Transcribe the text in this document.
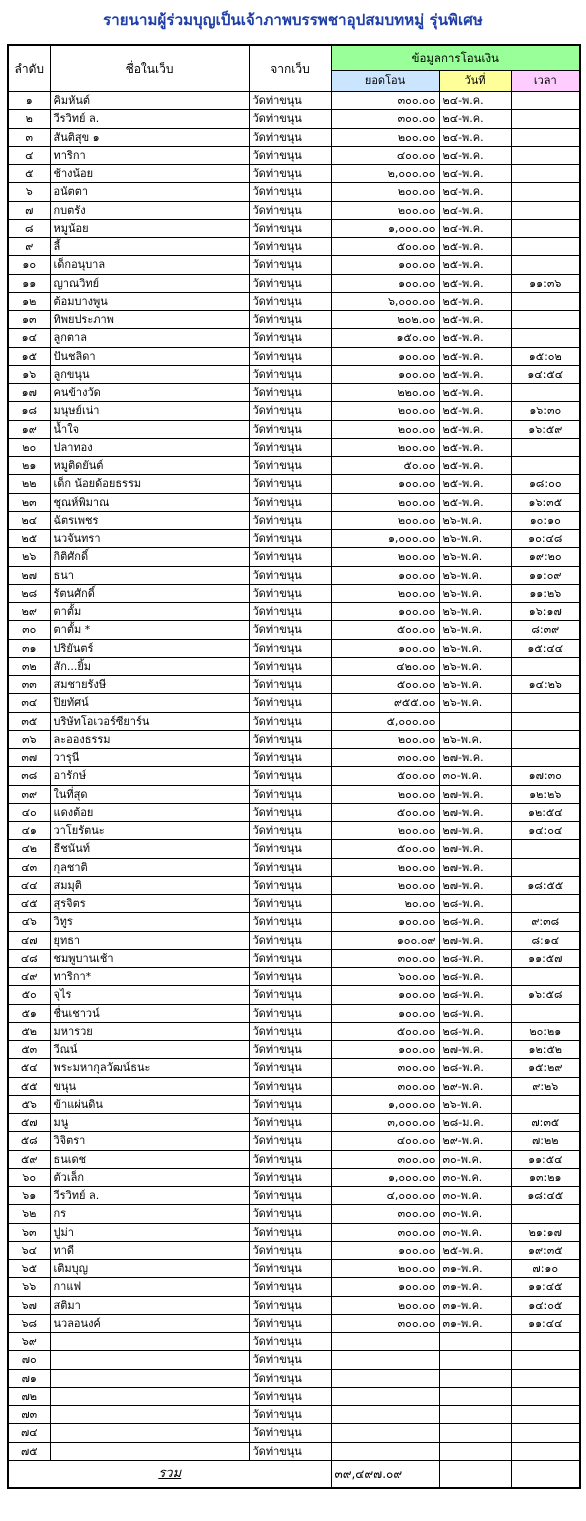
รายนามผู้ร่วมบุญเป็นเจ้าภาพบรรพชาอุปสมบทหมู่ รุ่นพิเศษ
ลำดับ	ชื่อในเว็บ	จากเว็บ	ข้อมูลการโอนเงิน		
			ยอดโอน	วันที่	เวลา
๑	คิมหันต์	วัดท่าขนุน	๓๐๐.๐๐	๒๔-พ.ค.	
๒	วีรวิทย์ ล.	วัดท่าขนุน	๓๐๐.๐๐	๒๔-พ.ค.	
๓	สันติสุข ๑	วัดท่าขนุน	๒๐๐.๐๐	๒๔-พ.ค.	
๔	ทาริกา	วัดท่าขนุน	๔๐๐.๐๐	๒๔-พ.ค.	
๕	ช้างน้อย	วัดท่าขนุน	๒,๐๐๐.๐๐	๒๔-พ.ค.	
๖	อนัตตา	วัดท่าขนุน	๒๐๐.๐๐	๒๔-พ.ค.	
๗	กบตรัง	วัดท่าขนุน	๒๐๐.๐๐	๒๔-พ.ค.	
๘	หมูน้อย	วัดท่าขนุน	๑,๐๐๐.๐๐	๒๔-พ.ค.	
๙	ลี้	วัดท่าขนุน	๕๐๐.๐๐	๒๕-พ.ค.	
๑๐	เด็กอนุบาล	วัดท่าขนุน	๑๐๐.๐๐	๒๕-พ.ค.	
๑๑	ญาณวิทย์	วัดท่าขนุน	๑๐๐.๐๐	๒๕-พ.ค.	๑๑:๓๖
๑๒	ต้อมบางพูน	วัดท่าขนุน	๖,๐๐๐.๐๐	๒๕-พ.ค.	
๑๓	ทิพยประภาพ	วัดท่าขนุน	๒๐๒.๐๐	๒๕-พ.ค.	
๑๔	ลูกตาล	วัดท่าขนุน	๑๕๐.๐๐	๒๕-พ.ค.	
๑๕	ปันชลิดา	วัดท่าขนุน	๑๐๐.๐๐	๒๕-พ.ค.	๑๕:๐๒
๑๖	ลูกขนุน	วัดท่าขนุน	๑๐๐.๐๐	๒๕-พ.ค.	๑๔:๕๔
๑๗	คนข้างวัด	วัดท่าขนุน	๒๒๐.๐๐	๒๕-พ.ค.	
๑๘	มนุษย์เน่า	วัดท่าขนุน	๒๐๐.๐๐	๒๕-พ.ค.	๑๖:๓๐
๑๙	น้ำใจ	วัดท่าขนุน	๒๐๐.๐๐	๒๕-พ.ค.	๑๖:๕๙
๒๐	ปลาทอง	วัดท่าขนุน	๒๐๐.๐๐	๒๕-พ.ค.	
๒๑	หมูติดยันต์	วัดท่าขนุน	๕๐.๐๐	๒๕-พ.ค.	
๒๒	เด็ก น้อยด้อยธรรม	วัดท่าขนุน	๑๐๐.๐๐	๒๕-พ.ค.	๑๘:๐๐
๒๓	ชุณห์พิมาณ	วัดท่าขนุน	๒๐๐.๐๐	๒๕-พ.ค.	๑๖:๓๕
๒๔	ฉัตรเพชร	วัดท่าขนุน	๒๐๐.๐๐	๒๖-พ.ค.	๑๐:๑๐
๒๕	นวจันทรา	วัดท่าขนุน	๑,๐๐๐.๐๐	๒๖-พ.ค.	๑๐:๔๘
๒๖	กิติศักดิ์	วัดท่าขนุน	๒๐๐.๐๐	๒๖-พ.ค.	๑๙:๒๐
๒๗	ธนา	วัดท่าขนุน	๑๐๐.๐๐	๒๖-พ.ค.	๑๑:๐๙
๒๘	รัตนศักดิ์	วัดท่าขนุน	๒๐๐.๐๐	๒๖-พ.ค.	๑๑:๒๖
๒๙	ตาตั้ม	วัดท่าขนุน	๑๐๐.๐๐	๒๖-พ.ค.	๑๖:๑๗
๓๐	ตาตั้ม *	วัดท่าขนุน	๕๐๐.๐๐	๒๖-พ.ค.	๘:๓๙
๓๑	ปริยันตร์	วัดท่าขนุน	๑๐๐.๐๐	๒๖-พ.ค.	๑๕:๔๔
๓๒	สัก...ยิ้ม	วัดท่าขนุน	๔๒๐.๐๐	๒๖-พ.ค.	
๓๓	สมชายรังษี	วัดท่าขนุน	๕๐๐.๐๐	๒๖-พ.ค.	๑๔:๒๖
๓๔	ปิยทัศน์	วัดท่าขนุน	๙๕๕.๐๐	๒๖-พ.ค.	
๓๕	บริษัทโอเวอร์ซียาร์น	วัดท่าขนุน	๕,๐๐๐.๐๐		
๓๖	ละอองธรรม	วัดท่าขนุน	๒๐๐.๐๐	๒๖-พ.ค.	
๓๗	วารุนี	วัดท่าขนุน	๓๐๐.๐๐	๒๗-พ.ค.	
๓๘	อารักษ์	วัดท่าขนุน	๕๐๐.๐๐	๓๐-พ.ค.	๑๗:๓๐
๓๙	ในที่สุด	วัดท่าขนุน	๒๐๐.๐๐	๒๗-พ.ค.	๑๒:๒๖
๔๐	แดงต้อย	วัดท่าขนุน	๕๐๐.๐๐	๒๗-พ.ค.	๑๒:๕๔
๔๑	วาโยรัตนะ	วัดท่าขนุน	๒๐๐.๐๐	๒๗-พ.ค.	๑๔:๐๔
๔๒	ธีชนันท์	วัดท่าขนุน	๕๐๐.๐๐	๒๗-พ.ค.	
๔๓	กุลชาติ	วัดท่าขนุน	๒๐๐.๐๐	๒๗-พ.ค.	
๔๔	สมมุติ	วัดท่าขนุน	๒๐๐.๐๐	๒๗-พ.ค.	๑๘:๕๕
๔๕	สุรจิตร	วัดท่าขนุน	๒๐.๐๐	๒๘-พ.ค.	
๔๖	วิทูร	วัดท่าขนุน	๑๐๐.๐๐	๒๘-พ.ค.	๙:๓๘
๔๗	ยุทธา	วัดท่าขนุน	๑๐๐.๐๙	๒๗-พ.ค.	๘:๑๔
๔๘	ชมพูบานเช้า	วัดท่าขนุน	๓๐๐.๐๐	๒๘-พ.ค.	๑๑:๕๗
๔๙	ทาริกา*	วัดท่าขนุน	๖๐๐.๐๐	๒๘-พ.ค.	
๕๐	จุไร	วัดท่าขนุน	๑๐๐.๐๐	๒๘-พ.ค.	๑๖:๕๘
๕๑	ชื่นเชาวน์	วัดท่าขนุน	๑๐๐.๐๐	๒๘-พ.ค.	
๕๒	มหารวย	วัดท่าขนุน	๕๐๐.๐๐	๒๘-พ.ค.	๒๐:๒๑
๕๓	วีณน์	วัดท่าขนุน	๑๐๐.๐๐	๒๗-พ.ค.	๑๒:๕๒
๕๔	พระมหากุลวัฒน์ธนะ	วัดท่าขนุน	๓๐๐.๐๐	๒๘-พ.ค.	๑๕:๒๙
๕๕	ขนุน	วัดท่าขนุน	๓๐๐.๐๐	๒๙-พ.ค.	๙:๒๖
๕๖	ข้าแผ่นดิน	วัดท่าขนุน	๑,๐๐๐.๐๐	๒๖-พ.ค.	
๕๗	มนู	วัดท่าขนุน	๓,๐๐๐.๐๐	๒๘-ม.ค.	๗:๓๕
๕๘	วิจิตรา	วัดท่าขนุน	๔๐๐.๐๐	๒๙-พ.ค.	๗:๒๒
๕๙	ธนเดช	วัดท่าขนุน	๓๐๐.๐๐	๓๐-พ.ค.	๑๑:๕๔
๖๐	ตัวเล็ก	วัดท่าขนุน	๑,๐๐๐.๐๐	๓๐-พ.ค.	๑๓:๒๑
๖๑	วีรวิทย์ ล.	วัดท่าขนุน	๔,๐๐๐.๐๐	๓๐-พ.ค.	๑๘:๔๕
๖๒	กร	วัดท่าขนุน	๓๐๐.๐๐	๓๐-พ.ค.	
๖๓	ปูม่า	วัดท่าขนุน	๓๐๐.๐๐	๓๐-พ.ค.	๒๑:๑๗
๖๔	ทาดี	วัดท่าขนุน	๑๐๐.๐๐	๒๕-พ.ค.	๑๙:๓๕
๖๕	เติมบุญ	วัดท่าขนุน	๒๐๐.๐๐	๓๑-พ.ค.	๗:๑๐
๖๖	กาแฟ	วัดท่าขนุน	๑๐๐.๐๐	๓๑-พ.ค.	๑๑:๔๕
๖๗	สติมา	วัดท่าขนุน	๒๐๐.๐๐	๓๑-พ.ค.	๑๔:๐๕
๖๘	นวลอนงค์	วัดท่าขนุน	๓๐๐.๐๐	๓๑-พ.ค.	๑๑:๔๔
๖๙		วัดท่าขนุน			
๗๐		วัดท่าขนุน			
๗๑		วัดท่าขนุน			
๗๒		วัดท่าขนุน			
๗๓		วัดท่าขนุน			
๗๔		วัดท่าขนุน			
๗๕		วัดท่าขนุน			
รวม			๓๙,๔๙๗.๐๙		
